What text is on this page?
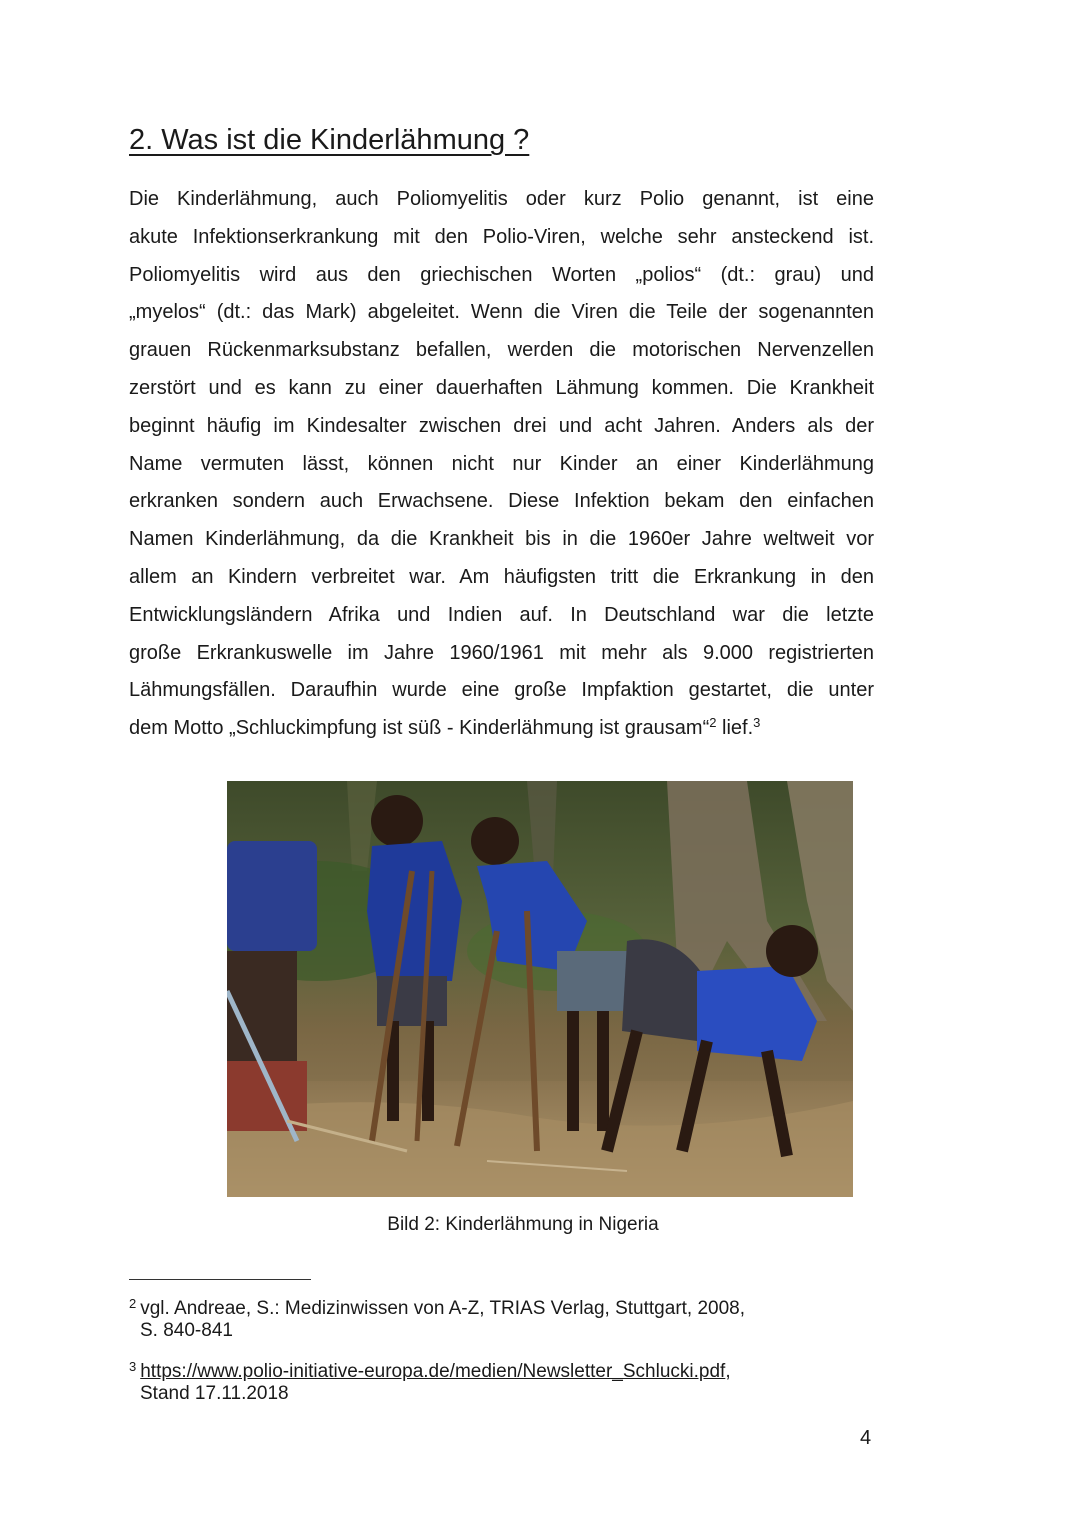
2. Was ist die Kinderlähmung ?
Die Kinderlähmung, auch Poliomyelitis oder kurz Polio genannt, ist eine
akute Infektionserkrankung mit den Polio-Viren, welche sehr ansteckend ist.
Poliomyelitis wird aus den griechischen Worten „polios“ (dt.: grau) und
„myelos“ (dt.: das Mark) abgeleitet. Wenn die Viren die Teile der sogenannten
grauen Rückenmarksubstanz befallen, werden die motorischen Nervenzellen
zerstört und es kann zu einer dauerhaften Lähmung kommen. Die Krankheit
beginnt häufig im Kindesalter zwischen drei und acht Jahren. Anders als der
Name vermuten lässt, können nicht nur Kinder an einer Kinderlähmung
erkranken sondern auch Erwachsene. Diese Infektion bekam den einfachen
Namen Kinderlähmung, da die Krankheit bis in die 1960er Jahre weltweit vor
allem an Kindern verbreitet war. Am häufigsten tritt die Erkrankung in den
Entwicklungsländern Afrika und Indien auf. In Deutschland war die letzte
große Erkrankuswelle im Jahre 1960/1961 mit mehr als 9.000 registrierten
Lähmungsfällen. Daraufhin wurde eine große Impfaktion gestartet, die unter
dem Motto „Schluckimpfung ist süß - Kinderlähmung ist grausam“$^2$ lief.$^3$
Bild 2: Kinderlähmung in Nigeria
$^2$ vgl. Andreae, S.: Medizinwissen von A-Z, TRIAS Verlag, Stuttgart, 2008,
S. 840-841
$^3$ https://www.polio-initiative-europa.de/medien/Newsletter_Schlucki.pdf,
Stand 17.11.2018
4
